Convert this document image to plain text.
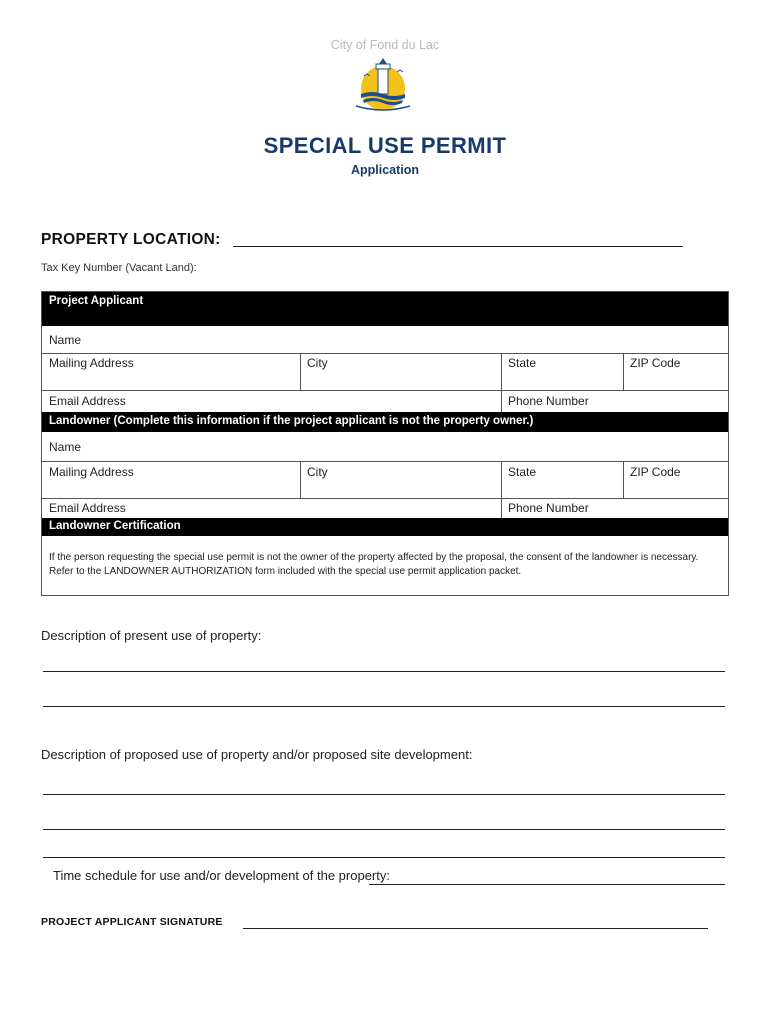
City of Fond du Lac
SPECIAL USE PERMIT
Application
PROPERTY LOCATION:
Tax Key Number (Vacant Land):
Project Applicant
Name
Mailing Address	City	State	ZIP Code
Email Address	Phone Number
Landowner (Complete this information if the project applicant is not the property owner.)
Name
Mailing Address	City	State	ZIP Code
Email Address	Phone Number
Landowner Certification
If the person requesting the special use permit is not the owner of the property affected by the proposal, the consent of the landowner is necessary.
Refer to the LANDOWNER AUTHORIZATION form included with the special use permit application packet.
Description of present use of property:
Description of proposed use of property and/or proposed site development:
Time schedule for use and/or development of the property:
PROJECT APPLICANT SIGNATURE
